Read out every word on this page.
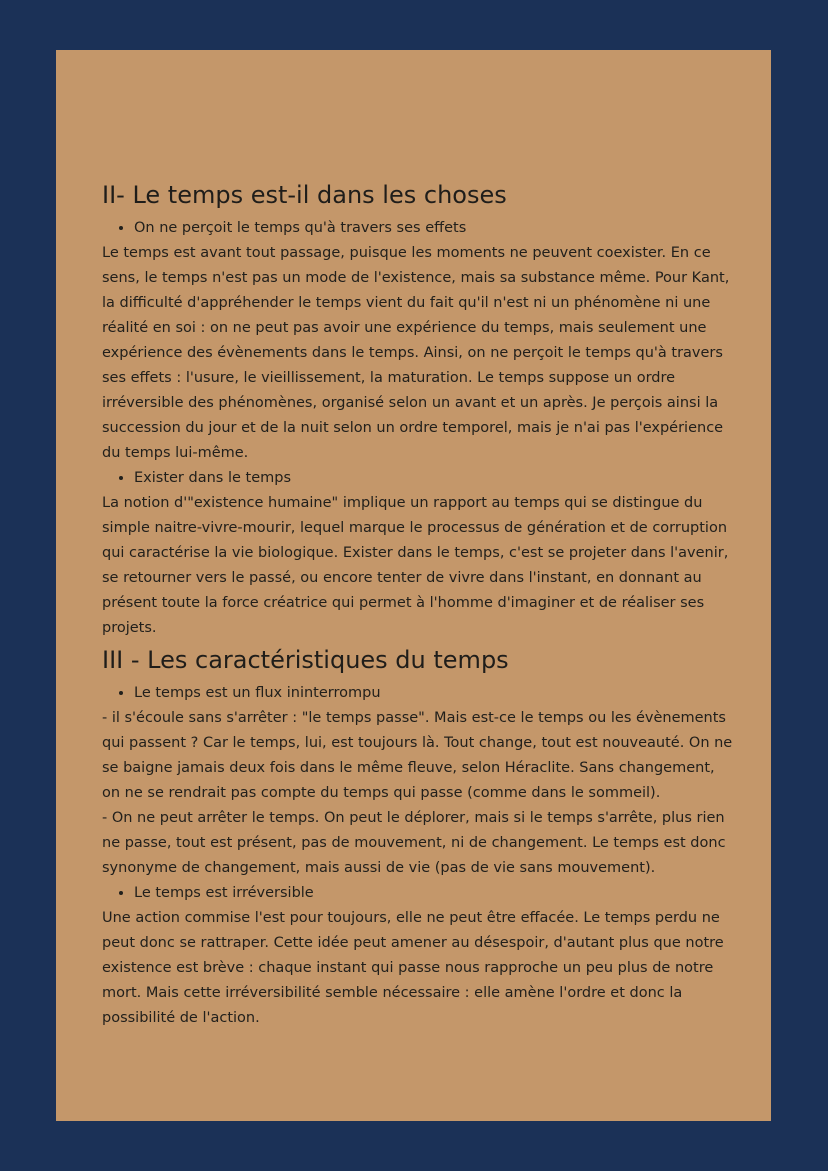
II- Le temps est-il dans les choses
• On ne perçoit le temps qu'à travers ses effets

Le temps est avant tout passage, puisque les moments ne peuvent coexister. En ce sens, le temps n'est pas un mode de l'existence, mais sa substance même. Pour Kant, la difficulté d'appréhender le temps vient du fait qu'il n'est ni un phénomène ni une réalité en soi : on ne peut pas avoir une expérience du temps, mais seulement une expérience des évènements dans le temps. Ainsi, on ne perçoit le temps qu'à travers ses effets : l'usure, le vieillissement, la maturation. Le temps suppose un ordre irréversible des phénomènes, organisé selon un avant et un après. Je perçois ainsi la succession du jour et de la nuit selon un ordre temporel, mais je n'ai pas l'expérience du temps lui-même.

• Exister dans le temps

La notion d'"existence humaine" implique un rapport au temps qui se distingue du simple naitre-vivre-mourir, lequel marque le processus de génération et de corruption qui caractérise la vie biologique. Exister dans le temps, c'est se projeter dans l'avenir, se retourner vers le passé, ou encore tenter de vivre dans l'instant, en donnant au présent toute la force créatrice qui permet à l'homme d'imaginer et de réaliser ses projets.

III - Les caractéristiques du temps
• Le temps est un flux ininterrompu

- il s'écoule sans s'arrêter : "le temps passe". Mais est-ce le temps ou les évènements qui passent ? Car le temps, lui, est toujours là. Tout change, tout est nouveauté. On ne se baigne jamais deux fois dans le même fleuve, selon Héraclite. Sans changement, on ne se rendrait pas compte du temps qui passe (comme dans le sommeil).

- On ne peut arrêter le temps. On peut le déplorer, mais si le temps s'arrête, plus rien ne passe, tout est présent, pas de mouvement, ni de changement. Le temps est donc synonyme de changement, mais aussi de vie (pas de vie sans mouvement).

• Le temps est irréversible

Une action commise l'est pour toujours, elle ne peut être effacée. Le temps perdu ne peut donc se rattraper. Cette idée peut amener au désespoir, d'autant plus que notre existence est brève : chaque instant qui passe nous rapproche un peu plus de notre mort. Mais cette irréversibilité semble nécessaire : elle amène l'ordre et donc la possibilité de l'action.
